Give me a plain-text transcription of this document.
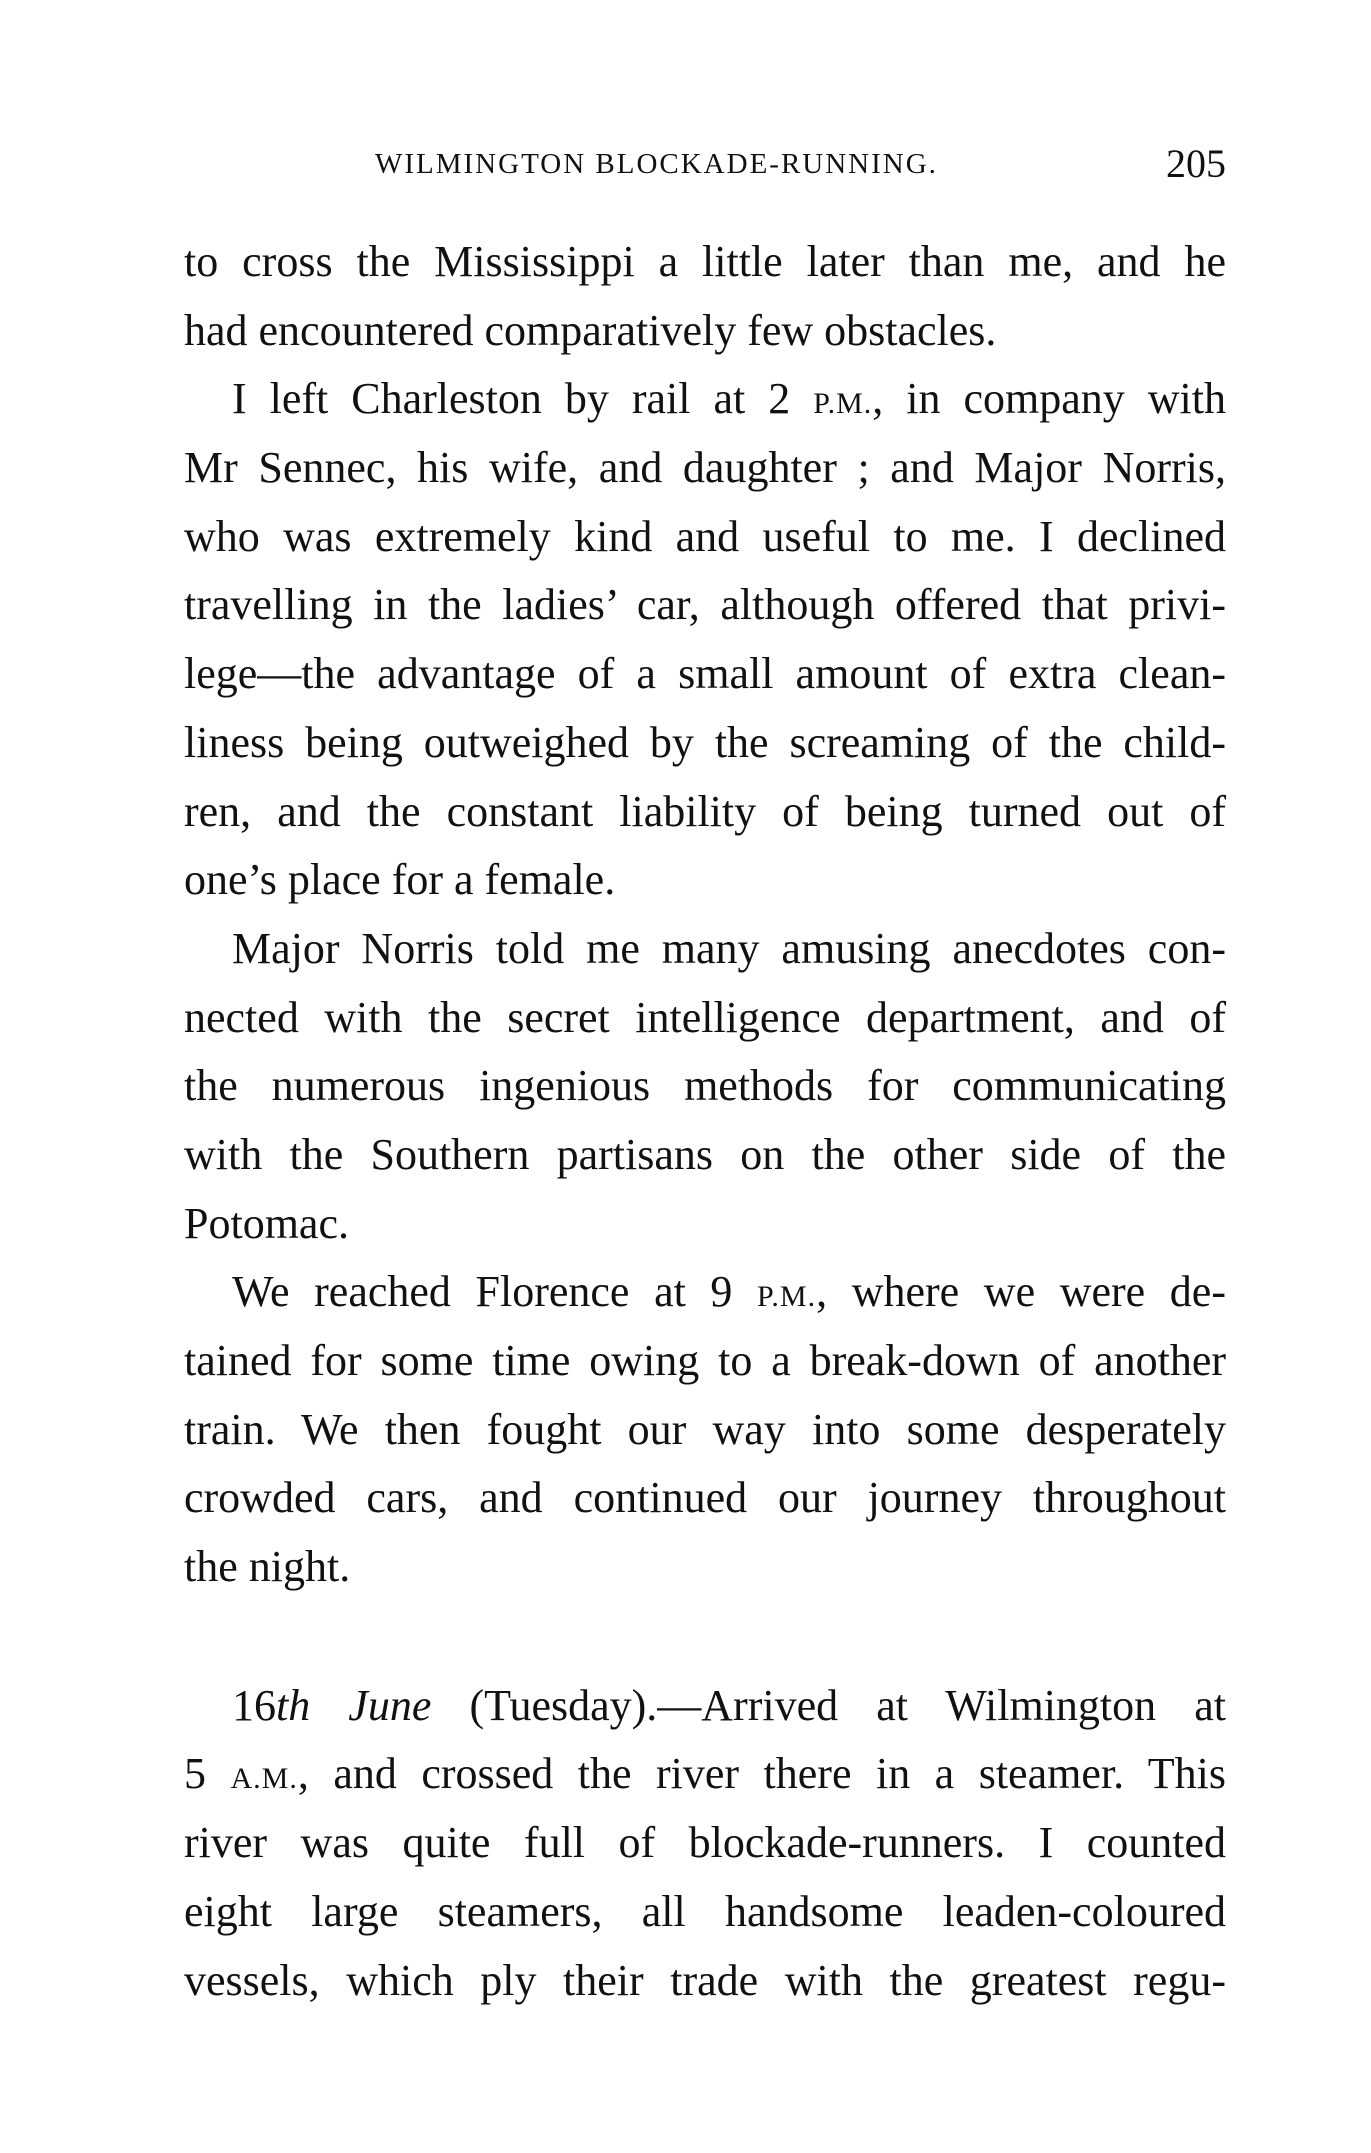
WILMINGTON BLOCKADE-RUNNING.	205
to cross the Mississippi a little later than me, and he
had encountered comparatively few obstacles.
I left Charleston by rail at 2 P.M., in company with
Mr Sennec, his wife, and daughter ; and Major Norris,
who was extremely kind and useful to me. I declined
travelling in the ladies’ car, although offered that privi-
lege—the advantage of a small amount of extra clean-
liness being outweighed by the screaming of the child-
ren, and the constant liability of being turned out of
one’s place for a female.
Major Norris told me many amusing anecdotes con-
nected with the secret intelligence department, and of
the numerous ingenious methods for communicating
with the Southern partisans on the other side of the
Potomac.
We reached Florence at 9 P.M., where we were de-
tained for some time owing to a break-down of another
train. We then fought our way into some desperately
crowded cars, and continued our journey throughout
the night.
16th June (Tuesday).—Arrived at Wilmington at
5 A.M., and crossed the river there in a steamer. This
river was quite full of blockade-runners. I counted
eight large steamers, all handsome leaden-coloured
vessels, which ply their trade with the greatest regu-
